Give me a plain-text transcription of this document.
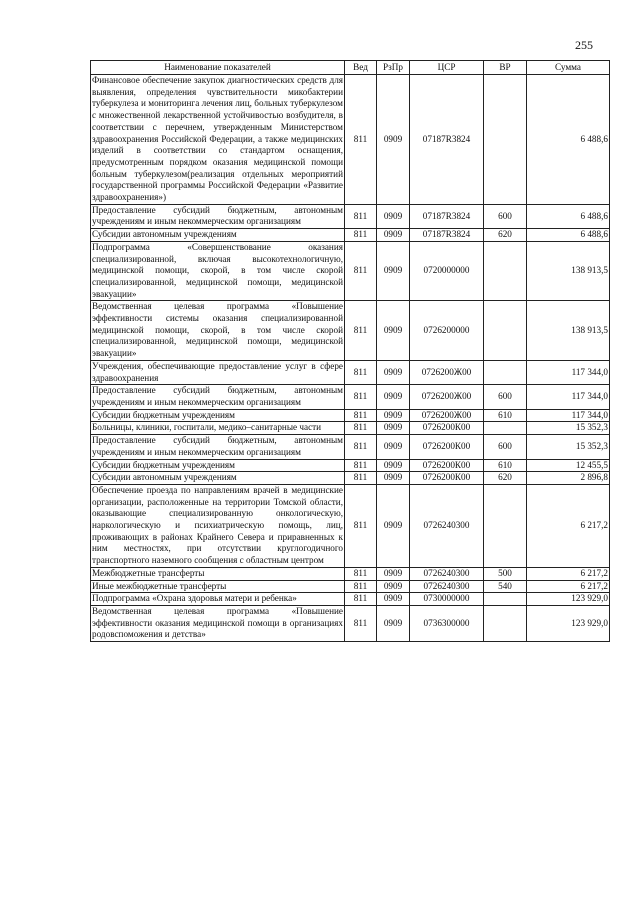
255
Наименование показателей	Вед	РзПр	ЦСР	ВР	Сумма
Финансовое обеспечение закупок диагностических средств для выявления, определения чувствительности микобактерии туберкулеза и мониторинга лечения лиц, больных туберкулезом с множественной лекарственной устойчивостью возбудителя, в соответствии с перечнем, утвержденным Министерством здравоохранения Российской Федерации, а также медицинских изделий в соответствии со стандартом оснащения, предусмотренным порядком оказания медицинской помощи больным туберкулезом(реализация отдельных мероприятий государственной программы Российской Федерации «Развитие здравоохранения»)	811	0909	07187R3824		6 488,6
Предоставление субсидий бюджетным, автономным учреждениям и иным некоммерческим организациям	811	0909	07187R3824	600	6 488,6
Субсидии автономным учреждениям	811	0909	07187R3824	620	6 488,6
Подпрограмма «Совершенствование оказания специализированной, включая высокотехнологичную, медицинской помощи, скорой, в том числе скорой специализированной, медицинской помощи, медицинской эвакуации»	811	0909	0720000000		138 913,5
Ведомственная целевая программа «Повышение эффективности системы оказания специализированной медицинской помощи, скорой, в том числе скорой специализированной, медицинской помощи, медицинской эвакуации»	811	0909	0726200000		138 913,5
Учреждения, обеспечивающие предоставление услуг в сфере здравоохранения	811	0909	0726200Ж00		117 344,0
Предоставление субсидий бюджетным, автономным учреждениям и иным некоммерческим организациям	811	0909	0726200Ж00	600	117 344,0
Субсидии бюджетным учреждениям	811	0909	0726200Ж00	610	117 344,0
Больницы, клиники, госпитали, медико–санитарные части	811	0909	0726200К00		15 352,3
Предоставление субсидий бюджетным, автономным учреждениям и иным некоммерческим организациям	811	0909	0726200К00	600	15 352,3
Субсидии бюджетным учреждениям	811	0909	0726200К00	610	12 455,5
Субсидии автономным учреждениям	811	0909	0726200К00	620	2 896,8
Обеспечение проезда по направлениям врачей в медицинские организации, расположенные на территории Томской области, оказывающие специализированную онкологическую, наркологическую и психиатрическую помощь, лиц, проживающих в районах Крайнего Севера и приравненных к ним местностях, при отсутствии круглогодичного транспортного наземного сообщения с областным центром	811	0909	0726240300		6 217,2
Межбюджетные трансферты	811	0909	0726240300	500	6 217,2
Иные межбюджетные трансферты	811	0909	0726240300	540	6 217,2
Подпрограмма «Охрана здоровья матери и ребенка»	811	0909	0730000000		123 929,0
Ведомственная целевая программа «Повышение эффективности оказания медицинской помощи в организациях родовспоможения и детства»	811	0909	0736300000		123 929,0
